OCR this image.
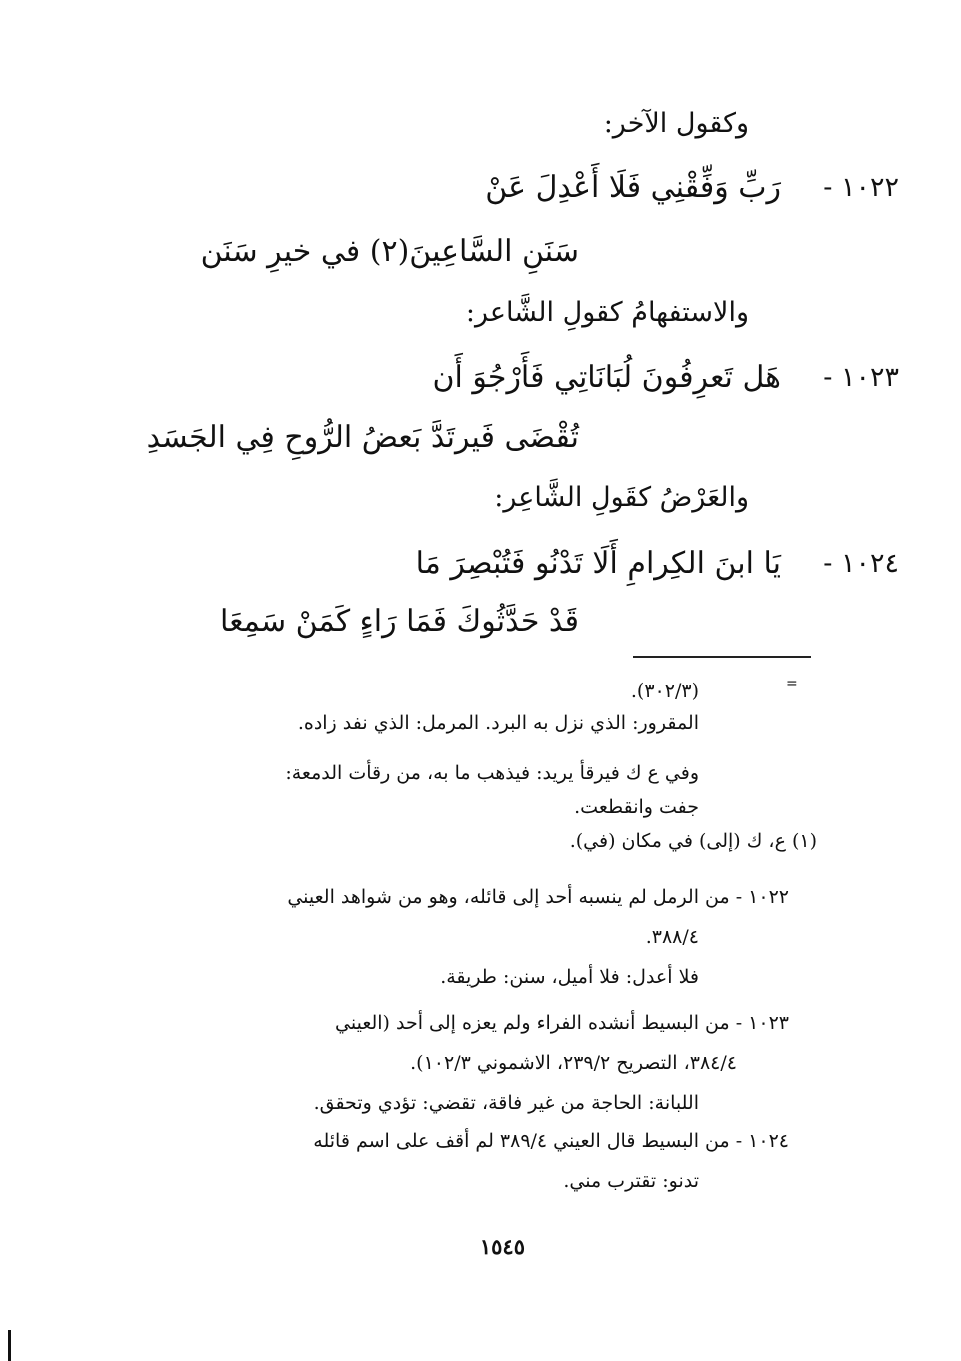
وكقول الآخر:
١٠٢٢ -
رَبِّ وَفِّقْنِي فَلَا أَعْدِلَ عَنْ
سَنَنِ السَّاعِينَ(٢) في خيرِ سَنَن
والاستفهامُ كقولِ الشَّاعر:
١٠٢٣ -
هَل تَعرِفُونَ لُبَانَاتِي فَأَرْجُوَ أَن
تُقْضَى فَيرتَدَّ بَعضُ الرُّوحِ فِي الجَسَدِ
والعَرْضُ كقَولِ الشَّاعِر:
١٠٢٤ -
يَا ابنَ الكِرامِ أَلَا تَدْنُو فَتُبْصِرَ مَا
قَدْ حَدَّثُوكَ فَمَا رَاءٍ كَمَنْ سَمِعَا
=
(٣٠٢/٣).
المقرور: الذي نزل به البرد. المرمل: الذي نفد زاده.
وفي ع ك فيرقأ يريد: فيذهب ما به، من رقأت الدمعة:
جفت وانقطعت.
(١) ع، ك (إلى) في مكان (في).
١٠٢٢ - من الرمل لم ينسبه أحد إلى قائله، وهو من شواهد العيني
٣٨٨/٤.
فلا أعدل: فلا أميل، سنن: طريقة.
١٠٢٣ - من البسيط أنشده الفراء ولم يعزه إلى أحد (العيني
٣٨٤/٤، التصريح ٢٣٩/٢، الاشموني ١٠٢/٣).
اللبانة: الحاجة من غير فاقة، تقضي: تؤدي وتحقق.
١٠٢٤ - من البسيط قال العيني ٣٨٩/٤ لم أقف على اسم قائله
تدنو: تقترب مني.
١٥٤٥
